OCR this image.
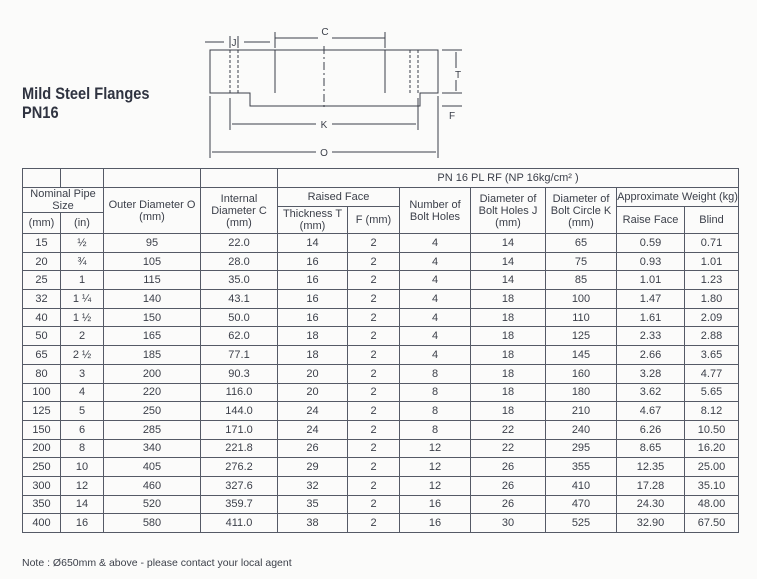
Mild Steel Flanges
PN16
C
J
T
F
K
O
				PN 16 PL RF (NP 16kg/cm² )						
Nominal Pipe Size		Outer Diameter O (mm)	Internal Diameter C (mm)	Raised Face		Number of Bolt Holes	Diameter of Bolt Holes J (mm)	Diameter of Bolt Circle K (mm)	Approximate Weight (kg)	
				Thickness T (mm)	F (mm)				Raise Face	Blind
(mm)	(in)									
15	½	95	22.0	14	2	4	14	65	0.59	0.71
20	¾	105	28.0	16	2	4	14	75	0.93	1.01
25	1	115	35.0	16	2	4	14	85	1.01	1.23
32	1 ¼	140	43.1	16	2	4	18	100	1.47	1.80
40	1 ½	150	50.0	16	2	4	18	110	1.61	2.09
50	2	165	62.0	18	2	4	18	125	2.33	2.88
65	2 ½	185	77.1	18	2	4	18	145	2.66	3.65
80	3	200	90.3	20	2	8	18	160	3.28	4.77
100	4	220	116.0	20	2	8	18	180	3.62	5.65
125	5	250	144.0	24	2	8	18	210	4.67	8.12
150	6	285	171.0	24	2	8	22	240	6.26	10.50
200	8	340	221.8	26	2	12	22	295	8.65	16.20
250	10	405	276.2	29	2	12	26	355	12.35	25.00
300	12	460	327.6	32	2	12	26	410	17.28	35.10
350	14	520	359.7	35	2	16	26	470	24.30	48.00
400	16	580	411.0	38	2	16	30	525	32.90	67.50
Note : Ø650mm & above - please contact your local agent
